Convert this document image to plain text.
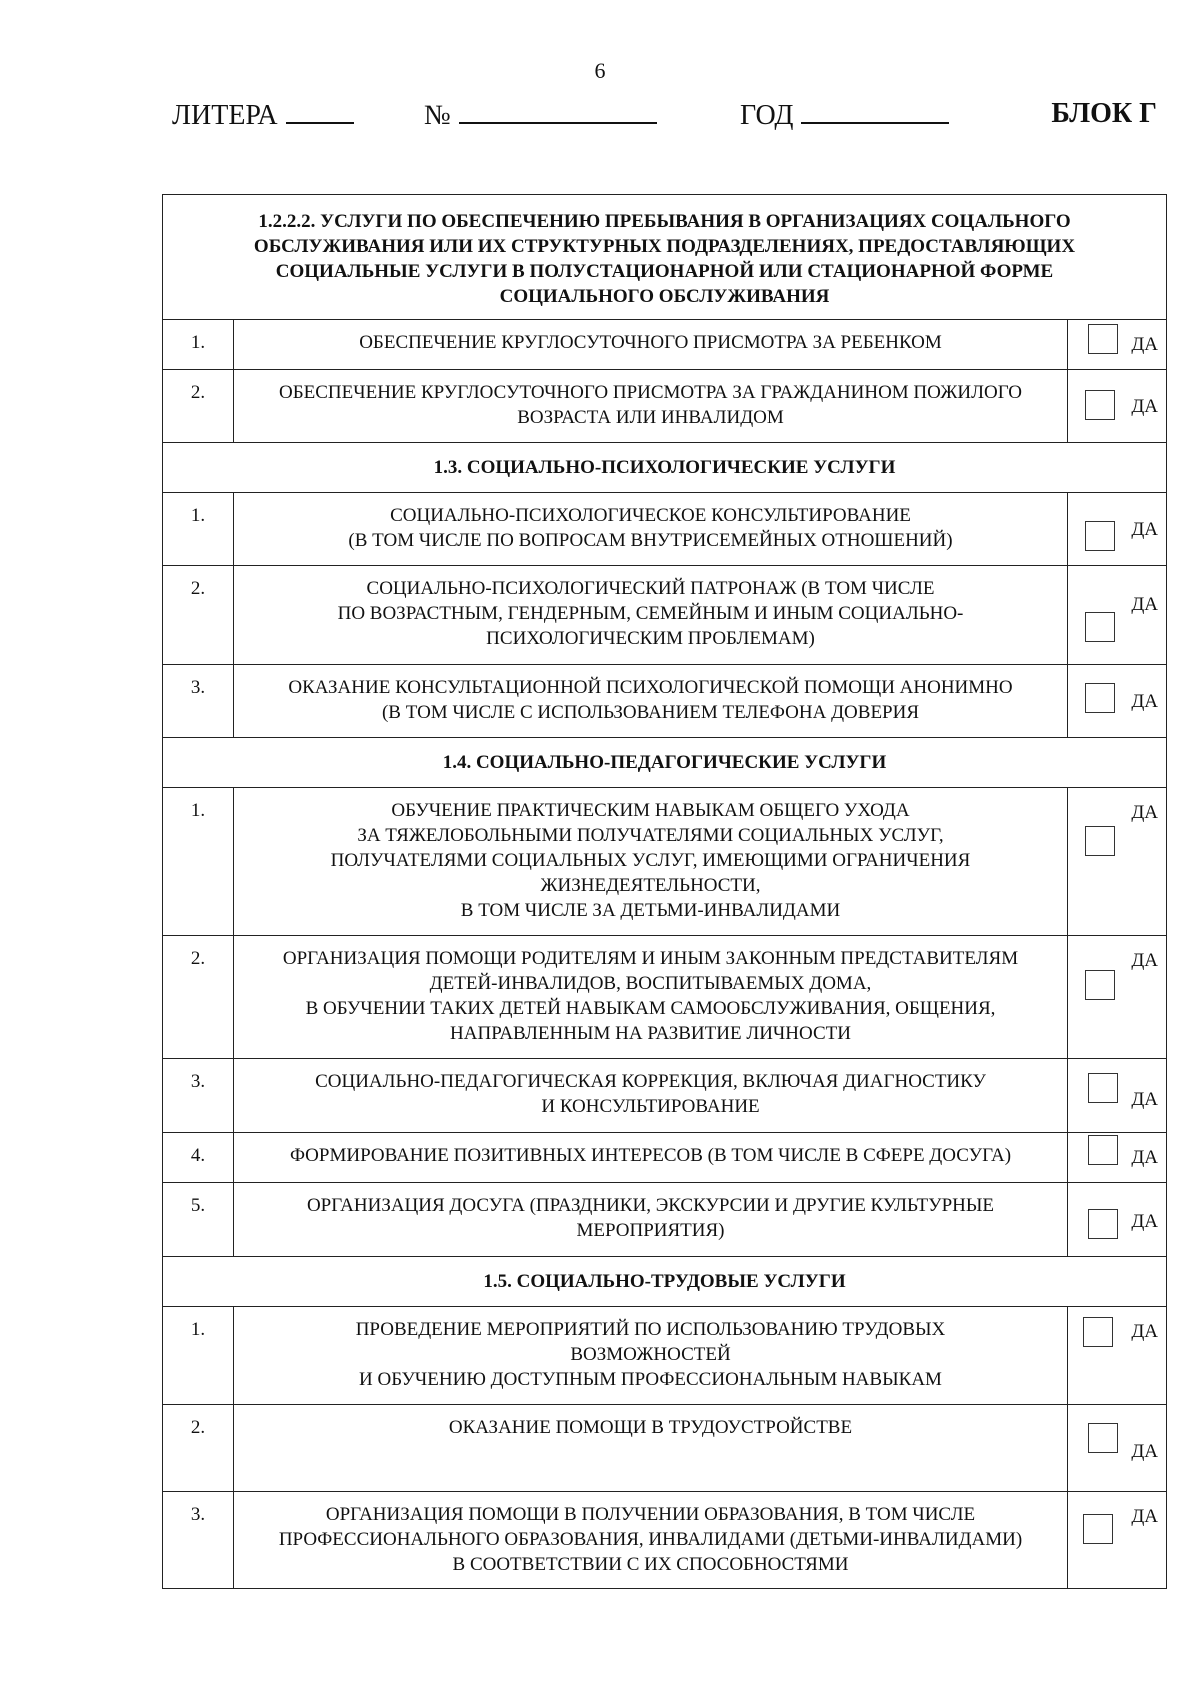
6
ЛИТЕРА	№	ГОД	БЛОК Г
1.2.2.2. УСЛУГИ ПО ОБЕСПЕЧЕНИЮ ПРЕБЫВАНИЯ В ОРГАНИЗАЦИЯХ СОЦАЛЬНОГО ОБСЛУЖИВАНИЯ ИЛИ ИХ СТРУКТУРНЫХ ПОДРАЗДЕЛЕНИЯХ, ПРЕДОСТАВЛЯЮЩИХ СОЦИАЛЬНЫЕ УСЛУГИ В ПОЛУСТАЦИОНАРНОЙ ИЛИ СТАЦИОНАРНОЙ ФОРМЕ СОЦИАЛЬНОГО ОБСЛУЖИВАНИЯ		
1.	ОБЕСПЕЧЕНИЕ КРУГЛОСУТОЧНОГО ПРИСМОТРА ЗА РЕБЕНКОМ	ДА

2.	ОБЕСПЕЧЕНИЕ КРУГЛОСУТОЧНОГО ПРИСМОТРА ЗА ГРАЖДАНИНОМ ПОЖИЛОГО ВОЗРАСТА ИЛИ ИНВАЛИДОМ	ДА

1.3. СОЦИАЛЬНО-ПСИХОЛОГИЧЕСКИЕ УСЛУГИ		
1.	СОЦИАЛЬНО-ПСИХОЛОГИЧЕСКОЕ КОНСУЛЬТИРОВАНИЕ
(В ТОМ ЧИСЛЕ ПО ВОПРОСАМ ВНУТРИСЕМЕЙНЫХ ОТНОШЕНИЙ)	ДА

2.	СОЦИАЛЬНО-ПСИХОЛОГИЧЕСКИЙ ПАТРОНАЖ (В ТОМ ЧИСЛЕ
ПО ВОЗРАСТНЫМ, ГЕНДЕРНЫМ, СЕМЕЙНЫМ И ИНЫМ СОЦИАЛЬНО-
ПСИХОЛОГИЧЕСКИМ ПРОБЛЕМАМ)	ДА

3.	ОКАЗАНИЕ КОНСУЛЬТАЦИОННОЙ ПСИХОЛОГИЧЕСКОЙ ПОМОЩИ АНОНИМНО
(В ТОМ ЧИСЛЕ С ИСПОЛЬЗОВАНИЕМ ТЕЛЕФОНА ДОВЕРИЯ	ДА

1.4. СОЦИАЛЬНО-ПЕДАГОГИЧЕСКИЕ УСЛУГИ		
1.	ОБУЧЕНИЕ ПРАКТИЧЕСКИМ НАВЫКАМ ОБЩЕГО УХОДА
ЗА ТЯЖЕЛОБОЛЬНЫМИ ПОЛУЧАТЕЛЯМИ СОЦИАЛЬНЫХ УСЛУГ,
ПОЛУЧАТЕЛЯМИ СОЦИАЛЬНЫХ УСЛУГ, ИМЕЮЩИМИ ОГРАНИЧЕНИЯ
ЖИЗНЕДЕЯТЕЛЬНОСТИ,
В ТОМ ЧИСЛЕ ЗА ДЕТЬМИ-ИНВАЛИДАМИ	ДА

2.	ОРГАНИЗАЦИЯ ПОМОЩИ РОДИТЕЛЯМ И ИНЫМ ЗАКОННЫМ ПРЕДСТАВИТЕЛЯМ
ДЕТЕЙ-ИНВАЛИДОВ, ВОСПИТЫВАЕМЫХ ДОМА,
В ОБУЧЕНИИ ТАКИХ ДЕТЕЙ НАВЫКАМ САМООБСЛУЖИВАНИЯ, ОБЩЕНИЯ,
НАПРАВЛЕННЫМ НА РАЗВИТИЕ ЛИЧНОСТИ	ДА

3.	СОЦИАЛЬНО-ПЕДАГОГИЧЕСКАЯ КОРРЕКЦИЯ, ВКЛЮЧАЯ ДИАГНОСТИКУ
И КОНСУЛЬТИРОВАНИЕ	ДА

4.	ФОРМИРОВАНИЕ ПОЗИТИВНЫХ ИНТЕРЕСОВ (В ТОМ ЧИСЛЕ В СФЕРЕ ДОСУГА)	ДА

5.	ОРГАНИЗАЦИЯ ДОСУГА (ПРАЗДНИКИ, ЭКСКУРСИИ И ДРУГИЕ КУЛЬТУРНЫЕ
МЕРОПРИЯТИЯ)	ДА

1.5. СОЦИАЛЬНО-ТРУДОВЫЕ УСЛУГИ		
1.	ПРОВЕДЕНИЕ МЕРОПРИЯТИЙ ПО ИСПОЛЬЗОВАНИЮ ТРУДОВЫХ
ВОЗМОЖНОСТЕЙ
И ОБУЧЕНИЮ ДОСТУПНЫМ ПРОФЕССИОНАЛЬНЫМ НАВЫКАМ	ДА

2.	ОКАЗАНИЕ ПОМОЩИ В ТРУДОУСТРОЙСТВЕ	ДА

3.	ОРГАНИЗАЦИЯ ПОМОЩИ В ПОЛУЧЕНИИ ОБРАЗОВАНИЯ, В ТОМ ЧИСЛЕ
ПРОФЕССИОНАЛЬНОГО ОБРАЗОВАНИЯ, ИНВАЛИДАМИ (ДЕТЬМИ-ИНВАЛИДАМИ)
В СООТВЕТСТВИИ С ИХ СПОСОБНОСТЯМИ	ДА
